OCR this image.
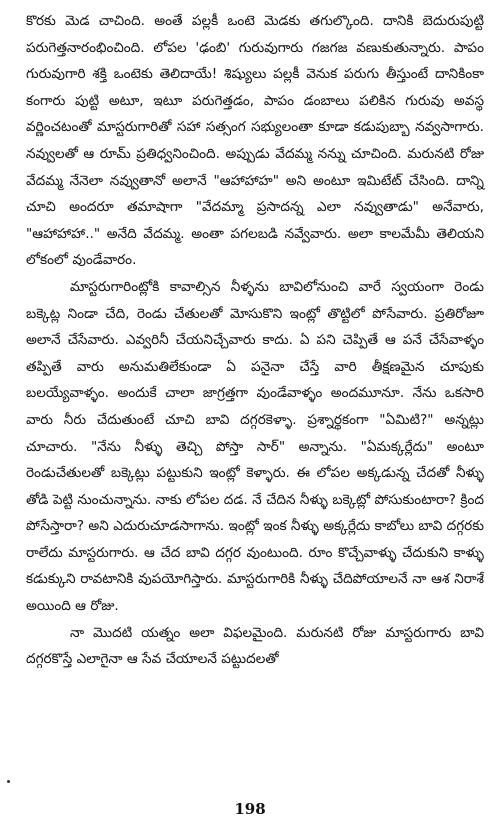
కొరకు మెడ చాచింది. అంతే పల్లకీ ఒంటె మెడకు తగుల్కొంది. దానికి బెదురుపుట్టి పరుగెత్తనారంభించింది. లోపల 'ఢంబి' గురువుగారు గజగజ వణుకుతున్నారు. పాపం గురువుగారి శక్తి ఒంటెకు తెలిదాయే! శిష్యులు పల్లకీ వెనుక పరుగు తీస్తుంటే దానికింకా కంగారు పుట్టి అటూ, ఇటూ పరుగెత్తడం, పాపం డంబాలు పలికిన గురువు అవస్థ వర్ణించటంతో మాస్టరుగారితో సహా సత్సంగ సభ్యులంతా కూడా కడుపుబ్బా నవ్వసాగారు. నవ్వులతో ఆ రూమ్ ప్రతిధ్వనించింది. అప్పుడు వేదమ్మ నన్ను చూచింది. మరునటి రోజు వేదమ్మ నేనెలా నవ్వుతానో అలానే "ఆహాహాహ" అని అంటూ ఇమిటేట్ చేసింది. దాన్ని చూచి అందరూ తమాషాగా "వేదమ్మా ప్రసాదన్న ఎలా నవ్వుతాడు" అనేవారు, "ఆహాహాహా.." అనేది వేదమ్మ. అంతా పగలబడి నవ్వేవారు. అలా కాలమేమీ తెలియని లోకంలో వుండేవారం.

మాస్టరుగారింట్లోకి కావాల్సిన నీళ్ళను బావిలోనుంచి వారే స్వయంగా రెండు బక్కెట్ల నిండా చేది, రెండు చేతులతో మోసుకొని ఇంట్లో తొట్టిలో పోసేవారు. ప్రతిరోజూ అలానే చేసేవారు. ఎవ్వరినీ చేయనిచ్చేవారు కాదు. ఏ పని చెప్పితే ఆ పనే చేసేవాళ్ళం తప్పితే వారు అనుమతిలేకుండా ఏ పనైనా చేస్తే వారి తీక్షణమైన చూపుకు బలయ్యేవాళ్ళం. అందుకే చాలా జాగ్రత్తగా వుండేవాళ్ళం అందమూనూ. నేను ఒకసారి వారు నీరు చేదుతుంటే చూచి బావి దగ్గరకెళ్ళా. ప్రశ్నార్థకంగా "ఏమిటి?" అన్నట్లు చూచారు. "నేను నీళ్ళు తెచ్చి పోస్తా సార్" అన్నాను. "ఏమక్కర్లేదు" అంటూ రెండుచేతులతో బక్కెట్లు పట్టుకుని ఇంట్లో కెళ్ళారు. ఈ లోపల అక్కడున్న చేదతో నీళ్ళు తోడి పెట్టి నుంచున్నాను. నాకు లోపల దడ. నే చేదిన నీళ్ళు బక్కెట్లో పోసుకుంటారా? క్రింద పోసేస్తారా? అని ఎదురుచూడసాగాను. ఇంట్లో ఇంక నీళ్ళు అక్కర్లేదు కాబోలు బావి దగ్గరకు రాలేదు మాస్టరుగారు. ఆ చేద బావి దగ్గర వుంటుంది. రూం కొచ్చేవాళ్ళు చేదుకుని కాళ్ళు కడుక్కుని రావటానికి వుపయోగిస్తారు. మాస్టరుగారికి నీళ్ళు చేదిపోయాలనే నా ఆశ నిరాశే అయింది ఆ రోజు.

నా మొదటి యత్నం అలా విఫలమైంది. మరునటి రోజు మాస్టరుగారు బావి దగ్గరకొస్తే ఎలాగైనా ఆ సేవ చేయాలనే పట్టుదలతో

198
